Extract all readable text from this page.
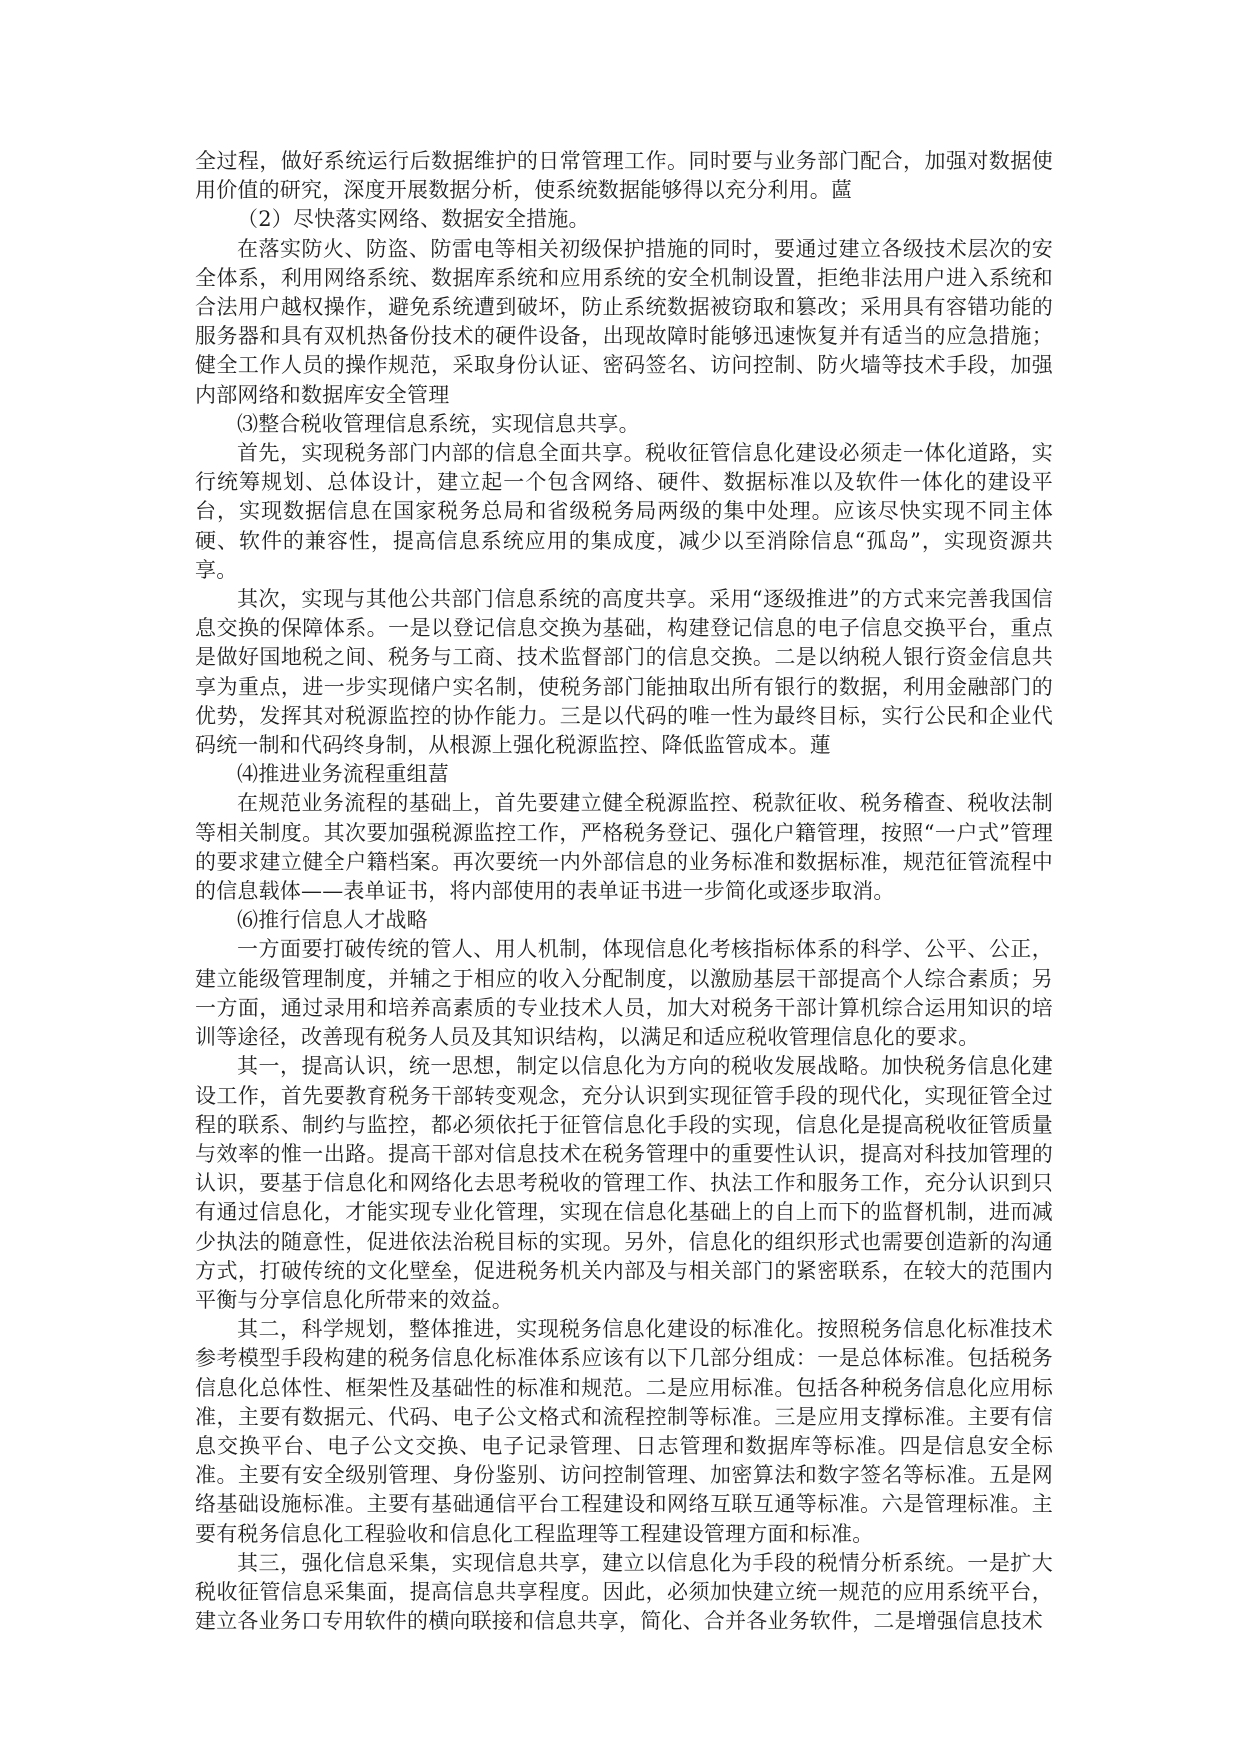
全过程，做好系统运行后数据维护的日常管理工作。同时要与业务部门配合，加强对数据使用价值的研究，深度开展数据分析，使系统数据能够得以充分利用。蓲

（2）尽快落实网络、数据安全措施。

在落实防火、防盗、防雷电等相关初级保护措施的同时，要通过建立各级技术层次的安全体系，利用网络系统、数据库系统和应用系统的安全机制设置，拒绝非法用户进入系统和合法用户越权操作，避免系统遭到破坏，防止系统数据被窃取和篡改；采用具有容错功能的服务器和具有双机热备份技术的硬件设备，出现故障时能够迅速恢复并有适当的应急措施；健全工作人员的操作规范，采取身份认证、密码签名、访问控制、防火墙等技术手段，加强内部网络和数据库安全管理

⑶整合税收管理信息系统，实现信息共享。

首先，实现税务部门内部的信息全面共享。税收征管信息化建设必须走一体化道路，实行统筹规划、总体设计，建立起一个包含网络、硬件、数据标准以及软件一体化的建设平台，实现数据信息在国家税务总局和省级税务局两级的集中处理。应该尽快实现不同主体硬、软件的兼容性，提高信息系统应用的集成度，减少以至消除信息“孤岛”，实现资源共享。

其次，实现与其他公共部门信息系统的高度共享。采用“逐级推进”的方式来完善我国信息交换的保障体系。一是以登记信息交换为基础，构建登记信息的电子信息交换平台，重点是做好国地税之间、税务与工商、技术监督部门的信息交换。二是以纳税人银行资金信息共享为重点，进一步实现储户实名制，使税务部门能抽取出所有银行的数据，利用金融部门的优势，发挥其对税源监控的协作能力。三是以代码的唯一性为最终目标，实行公民和企业代码统一制和代码终身制，从根源上强化税源监控、降低监管成本。蓮

⑷推进业务流程重组葍

在规范业务流程的基础上，首先要建立健全税源监控、税款征收、税务稽查、税收法制等相关制度。其次要加强税源监控工作，严格税务登记、强化户籍管理，按照“一户式”管理的要求建立健全户籍档案。再次要统一内外部信息的业务标准和数据标准，规范征管流程中的信息载体——表单证书，将内部使用的表单证书进一步简化或逐步取消。

⑹推行信息人才战略

一方面要打破传统的管人、用人机制，体现信息化考核指标体系的科学、公平、公正，建立能级管理制度，并辅之于相应的收入分配制度，以激励基层干部提高个人综合素质；另一方面，通过录用和培养高素质的专业技术人员，加大对税务干部计算机综合运用知识的培训等途径，改善现有税务人员及其知识结构，以满足和适应税收管理信息化的要求。

其一，提高认识，统一思想，制定以信息化为方向的税收发展战略。加快税务信息化建设工作，首先要教育税务干部转变观念，充分认识到实现征管手段的现代化，实现征管全过程的联系、制约与监控，都必须依托于征管信息化手段的实现，信息化是提高税收征管质量与效率的惟一出路。提高干部对信息技术在税务管理中的重要性认识，提高对科技加管理的认识，要基于信息化和网络化去思考税收的管理工作、执法工作和服务工作，充分认识到只有通过信息化，才能实现专业化管理，实现在信息化基础上的自上而下的监督机制，进而减少执法的随意性，促进依法治税目标的实现。另外，信息化的组织形式也需要创造新的沟通方式，打破传统的文化壁垒，促进税务机关内部及与相关部门的紧密联系，在较大的范围内平衡与分享信息化所带来的效益。

其二，科学规划，整体推进，实现税务信息化建设的标准化。按照税务信息化标准技术参考模型手段构建的税务信息化标准体系应该有以下几部分组成：一是总体标准。包括税务信息化总体性、框架性及基础性的标准和规范。二是应用标准。包括各种税务信息化应用标准，主要有数据元、代码、电子公文格式和流程控制等标准。三是应用支撑标准。主要有信息交换平台、电子公文交换、电子记录管理、日志管理和数据库等标准。四是信息安全标准。主要有安全级别管理、身份鉴别、访问控制管理、加密算法和数字签名等标准。五是网络基础设施标准。主要有基础通信平台工程建设和网络互联互通等标准。六是管理标准。主要有税务信息化工程验收和信息化工程监理等工程建设管理方面和标准。

其三，强化信息采集，实现信息共享，建立以信息化为手段的税情分析系统。一是扩大税收征管信息采集面，提高信息共享程度。因此，必须加快建立统一规范的应用系统平台，建立各业务口专用软件的横向联接和信息共享，简化、合并各业务软件，二是增强信息技术
